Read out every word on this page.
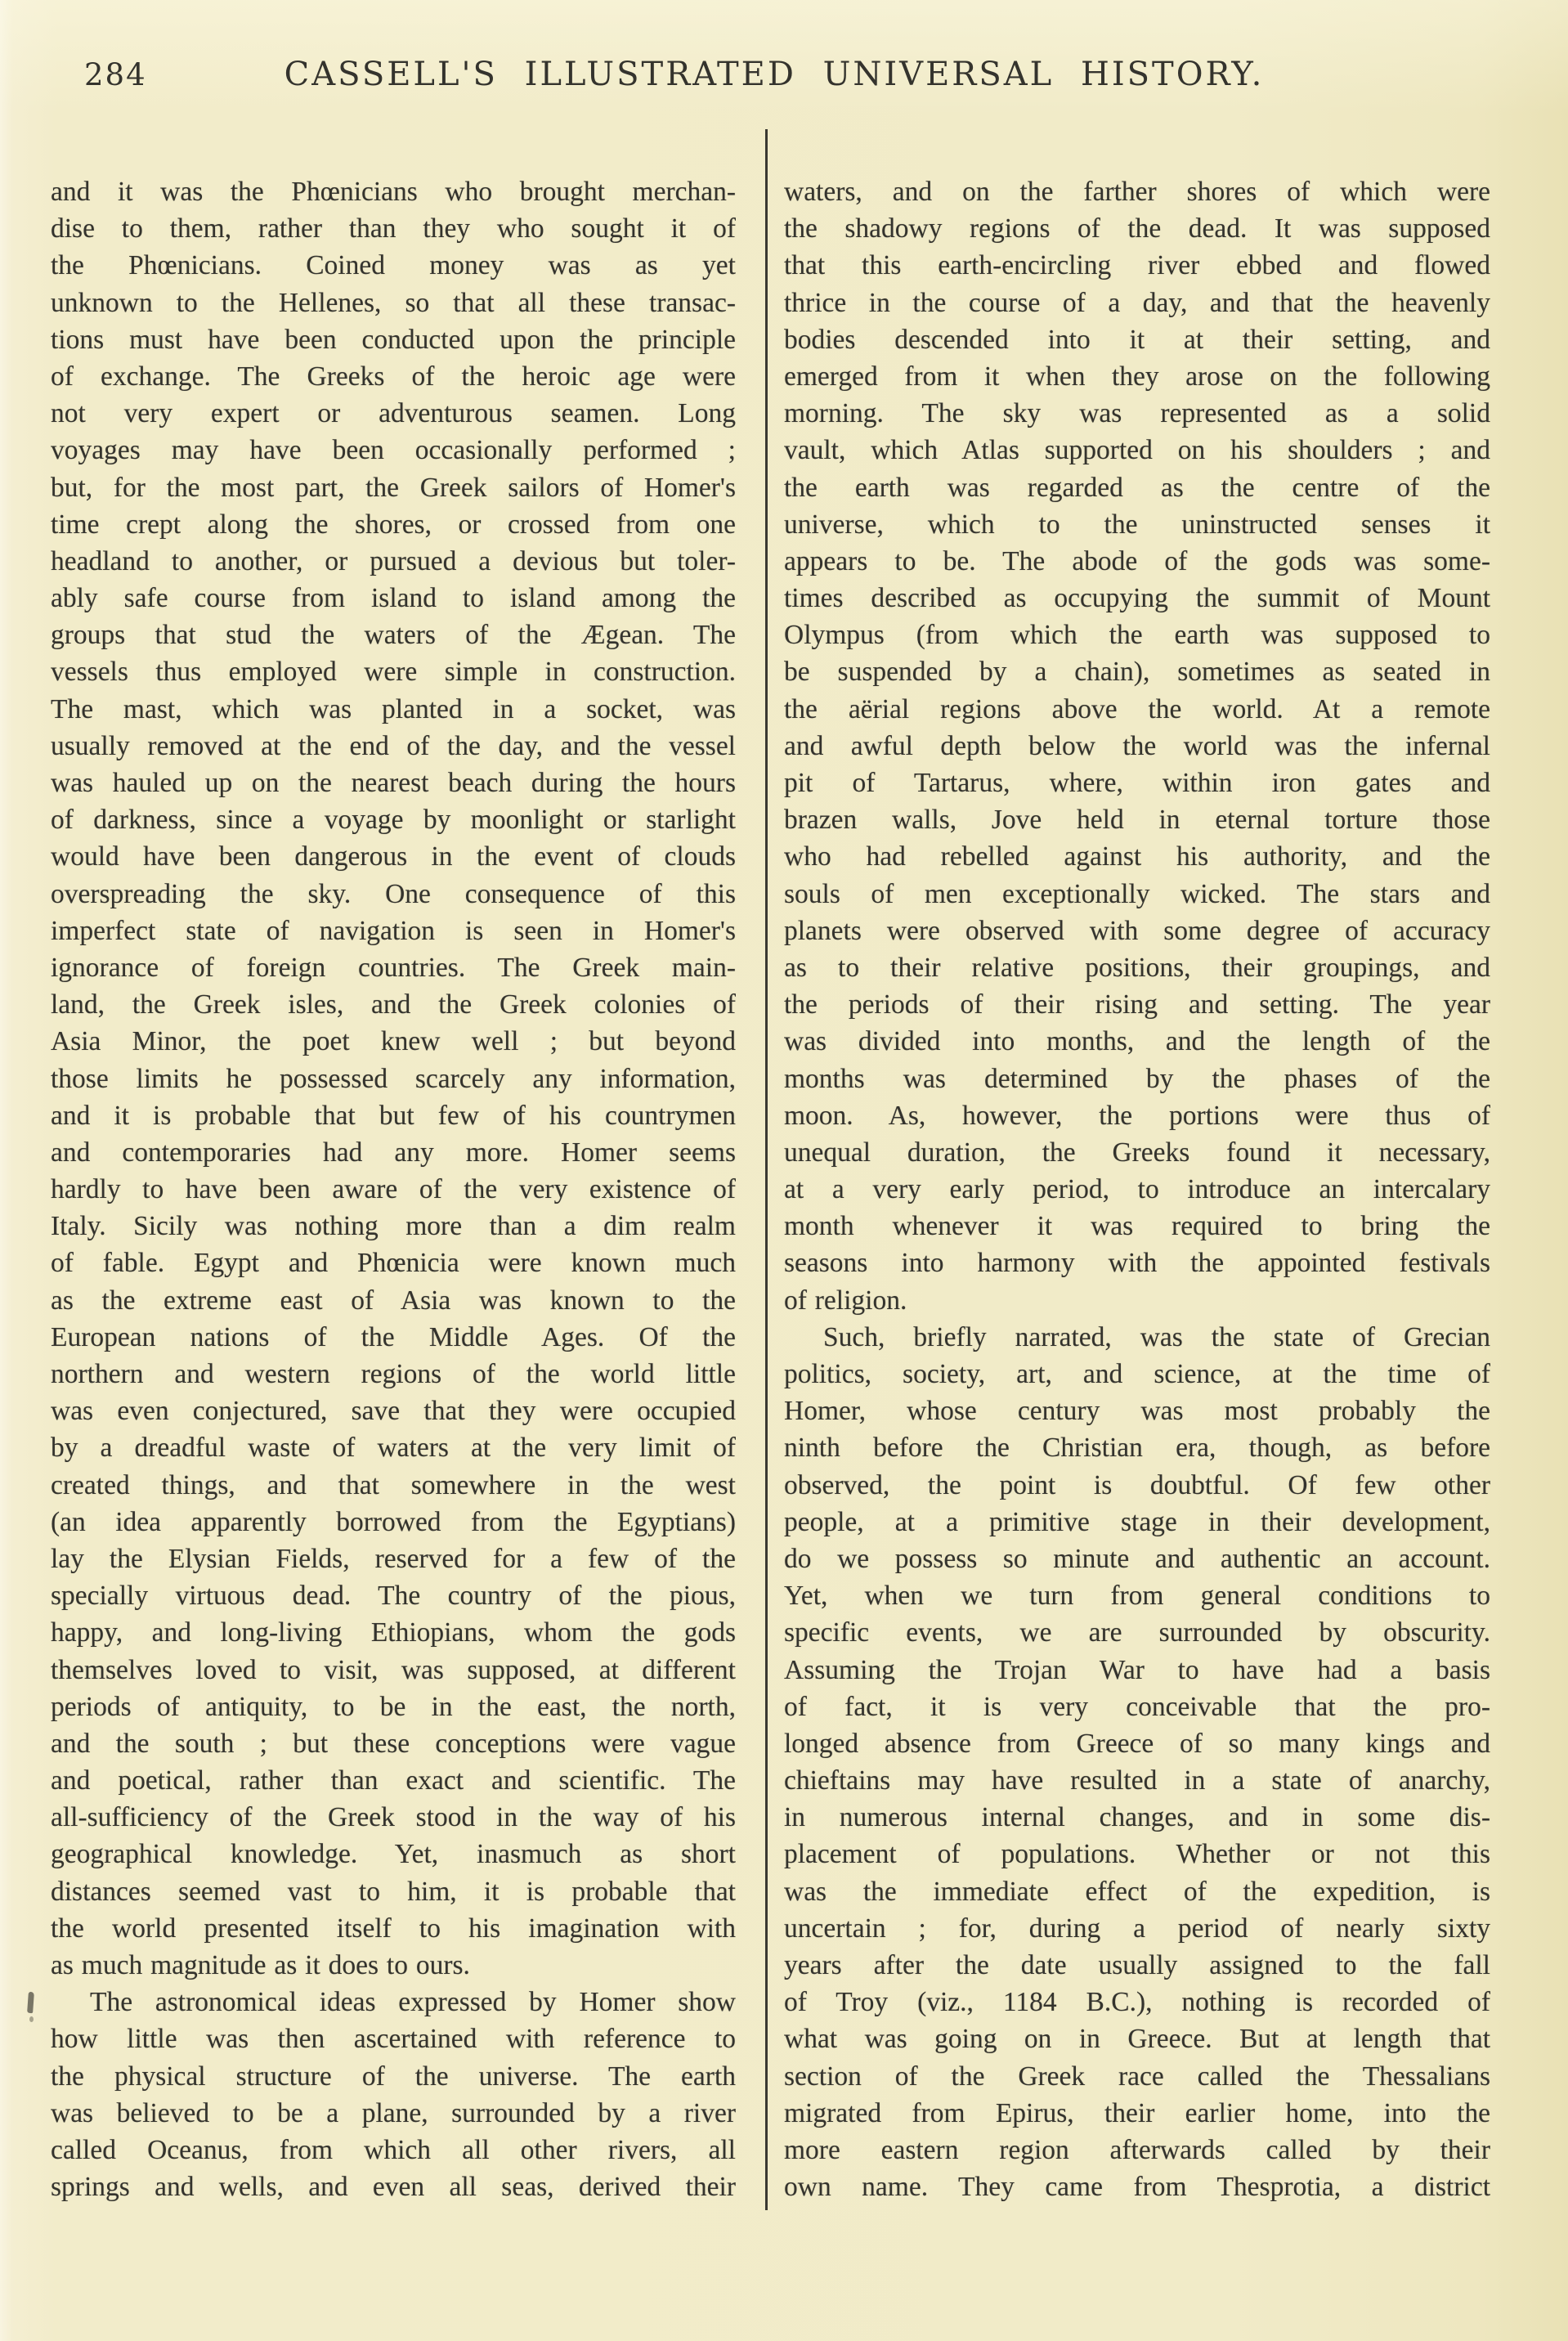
284	CASSELL'S ILLUSTRATED UNIVERSAL HISTORY.
and it was the Phœnicians who brought merchan-
dise to them, rather than they who sought it of
the Phœnicians. Coined money was as yet
unknown to the Hellenes, so that all these transac-
tions must have been conducted upon the principle
of exchange. The Greeks of the heroic age were
not very expert or adventurous seamen. Long
voyages may have been occasionally performed ;
but, for the most part, the Greek sailors of Homer's
time crept along the shores, or crossed from one
headland to another, or pursued a devious but toler-
ably safe course from island to island among the
groups that stud the waters of the Ægean. The
vessels thus employed were simple in construction.
The mast, which was planted in a socket, was
usually removed at the end of the day, and the vessel
was hauled up on the nearest beach during the hours
of darkness, since a voyage by moonlight or starlight
would have been dangerous in the event of clouds
overspreading the sky. One consequence of this
imperfect state of navigation is seen in Homer's
ignorance of foreign countries. The Greek main-
land, the Greek isles, and the Greek colonies of
Asia Minor, the poet knew well ; but beyond
those limits he possessed scarcely any information,
and it is probable that but few of his countrymen
and contemporaries had any more. Homer seems
hardly to have been aware of the very existence of
Italy. Sicily was nothing more than a dim realm
of fable. Egypt and Phœnicia were known much
as the extreme east of Asia was known to the
European nations of the Middle Ages. Of the
northern and western regions of the world little
was even conjectured, save that they were occupied
by a dreadful waste of waters at the very limit of
created things, and that somewhere in the west
(an idea apparently borrowed from the Egyptians)
lay the Elysian Fields, reserved for a few of the
specially virtuous dead. The country of the pious,
happy, and long-living Ethiopians, whom the gods
themselves loved to visit, was supposed, at different
periods of antiquity, to be in the east, the north,
and the south ; but these conceptions were vague
and poetical, rather than exact and scientific. The
all-sufficiency of the Greek stood in the way of his
geographical knowledge. Yet, inasmuch as short
distances seemed vast to him, it is probable that
the world presented itself to his imagination with
as much magnitude as it does to ours.
The astronomical ideas expressed by Homer show
how little was then ascertained with reference to
the physical structure of the universe. The earth
was believed to be a plane, surrounded by a river
called Oceanus, from which all other rivers, all
springs and wells, and even all seas, derived their
waters, and on the farther shores of which were
the shadowy regions of the dead. It was supposed
that this earth-encircling river ebbed and flowed
thrice in the course of a day, and that the heavenly
bodies descended into it at their setting, and
emerged from it when they arose on the following
morning. The sky was represented as a solid
vault, which Atlas supported on his shoulders ; and
the earth was regarded as the centre of the
universe, which to the uninstructed senses it
appears to be. The abode of the gods was some-
times described as occupying the summit of Mount
Olympus (from which the earth was supposed to
be suspended by a chain), sometimes as seated in
the aërial regions above the world. At a remote
and awful depth below the world was the infernal
pit of Tartarus, where, within iron gates and
brazen walls, Jove held in eternal torture those
who had rebelled against his authority, and the
souls of men exceptionally wicked. The stars and
planets were observed with some degree of accuracy
as to their relative positions, their groupings, and
the periods of their rising and setting. The year
was divided into months, and the length of the
months was determined by the phases of the
moon. As, however, the portions were thus of
unequal duration, the Greeks found it necessary,
at a very early period, to introduce an intercalary
month whenever it was required to bring the
seasons into harmony with the appointed festivals
of religion.
Such, briefly narrated, was the state of Grecian
politics, society, art, and science, at the time of
Homer, whose century was most probably the
ninth before the Christian era, though, as before
observed, the point is doubtful. Of few other
people, at a primitive stage in their development,
do we possess so minute and authentic an account.
Yet, when we turn from general conditions to
specific events, we are surrounded by obscurity.
Assuming the Trojan War to have had a basis
of fact, it is very conceivable that the pro-
longed absence from Greece of so many kings and
chieftains may have resulted in a state of anarchy,
in numerous internal changes, and in some dis-
placement of populations. Whether or not this
was the immediate effect of the expedition, is
uncertain ; for, during a period of nearly sixty
years after the date usually assigned to the fall
of Troy (viz., 1184 B.C.), nothing is recorded of
what was going on in Greece. But at length that
section of the Greek race called the Thessalians
migrated from Epirus, their earlier home, into the
more eastern region afterwards called by their
own name. They came from Thesprotia, a district
